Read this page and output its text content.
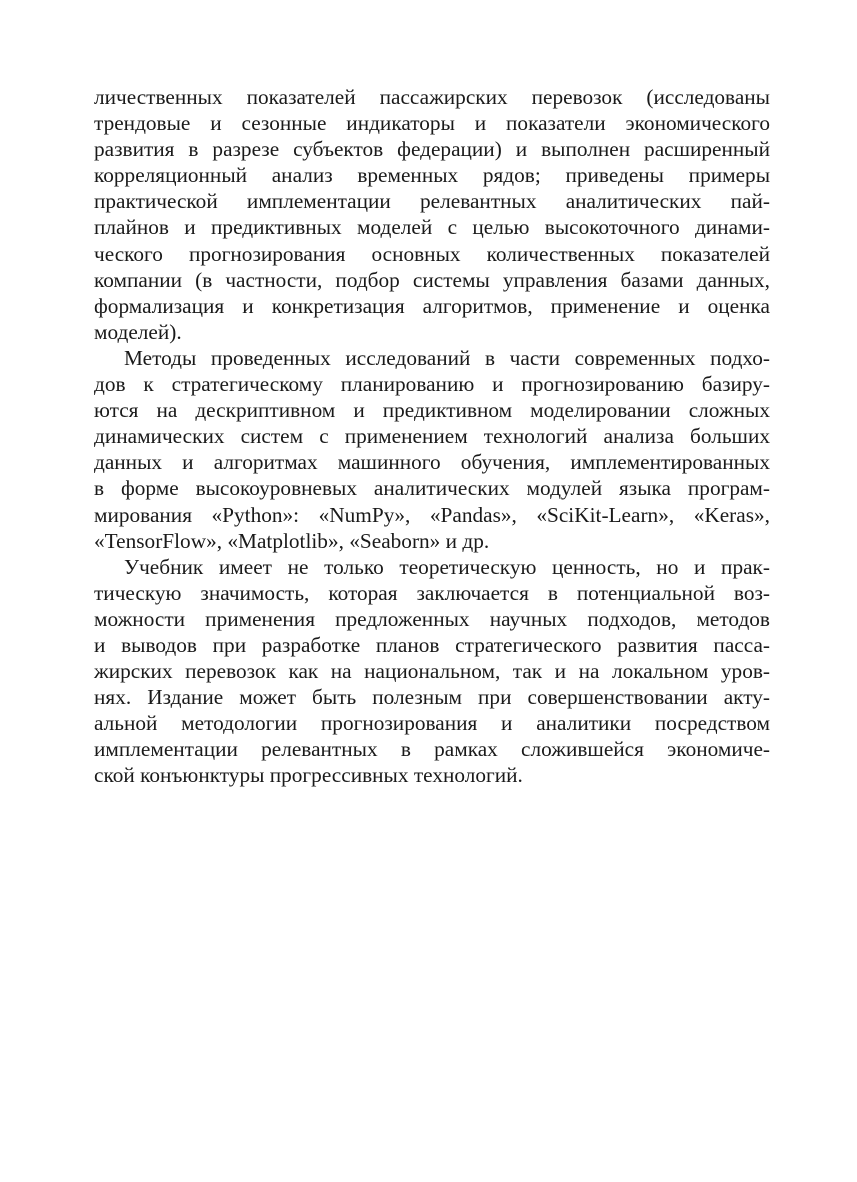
личественных показателей пассажирских перевозок (исследованы
трендовые и сезонные индикаторы и показатели экономического
развития в разрезе субъектов федерации) и выполнен расширенный
корреляционный анализ временных рядов; приведены примеры
практической имплементации релевантных аналитических пай-
плайнов и предиктивных моделей с целью высокоточного динами-
ческого прогнозирования основных количественных показателей
компании (в частности, подбор системы управления базами данных,
формализация и конкретизация алгоритмов, применение и оценка
моделей).
Методы проведенных исследований в части современных подхо-
дов к стратегическому планированию и прогнозированию базиру-
ются на дескриптивном и предиктивном моделировании сложных
динамических систем с применением технологий анализа больших
данных и алгоритмах машинного обучения, имплементированных
в форме высокоуровневых аналитических модулей языка програм-
мирования «Python»: «NumPy», «Pandas», «SciKit-Learn», «Keras»,
«TensorFlow», «Matplotlib», «Seaborn» и др.
Учебник имеет не только теоретическую ценность, но и прак-
тическую значимость, которая заключается в потенциальной воз-
можности применения предложенных научных подходов, методов
и выводов при разработке планов стратегического развития пасса-
жирских перевозок как на национальном, так и на локальном уров-
нях. Издание может быть полезным при совершенствовании акту-
альной методологии прогнозирования и аналитики посредством
имплементации релевантных в рамках сложившейся экономиче-
ской конъюнктуры прогрессивных технологий.
